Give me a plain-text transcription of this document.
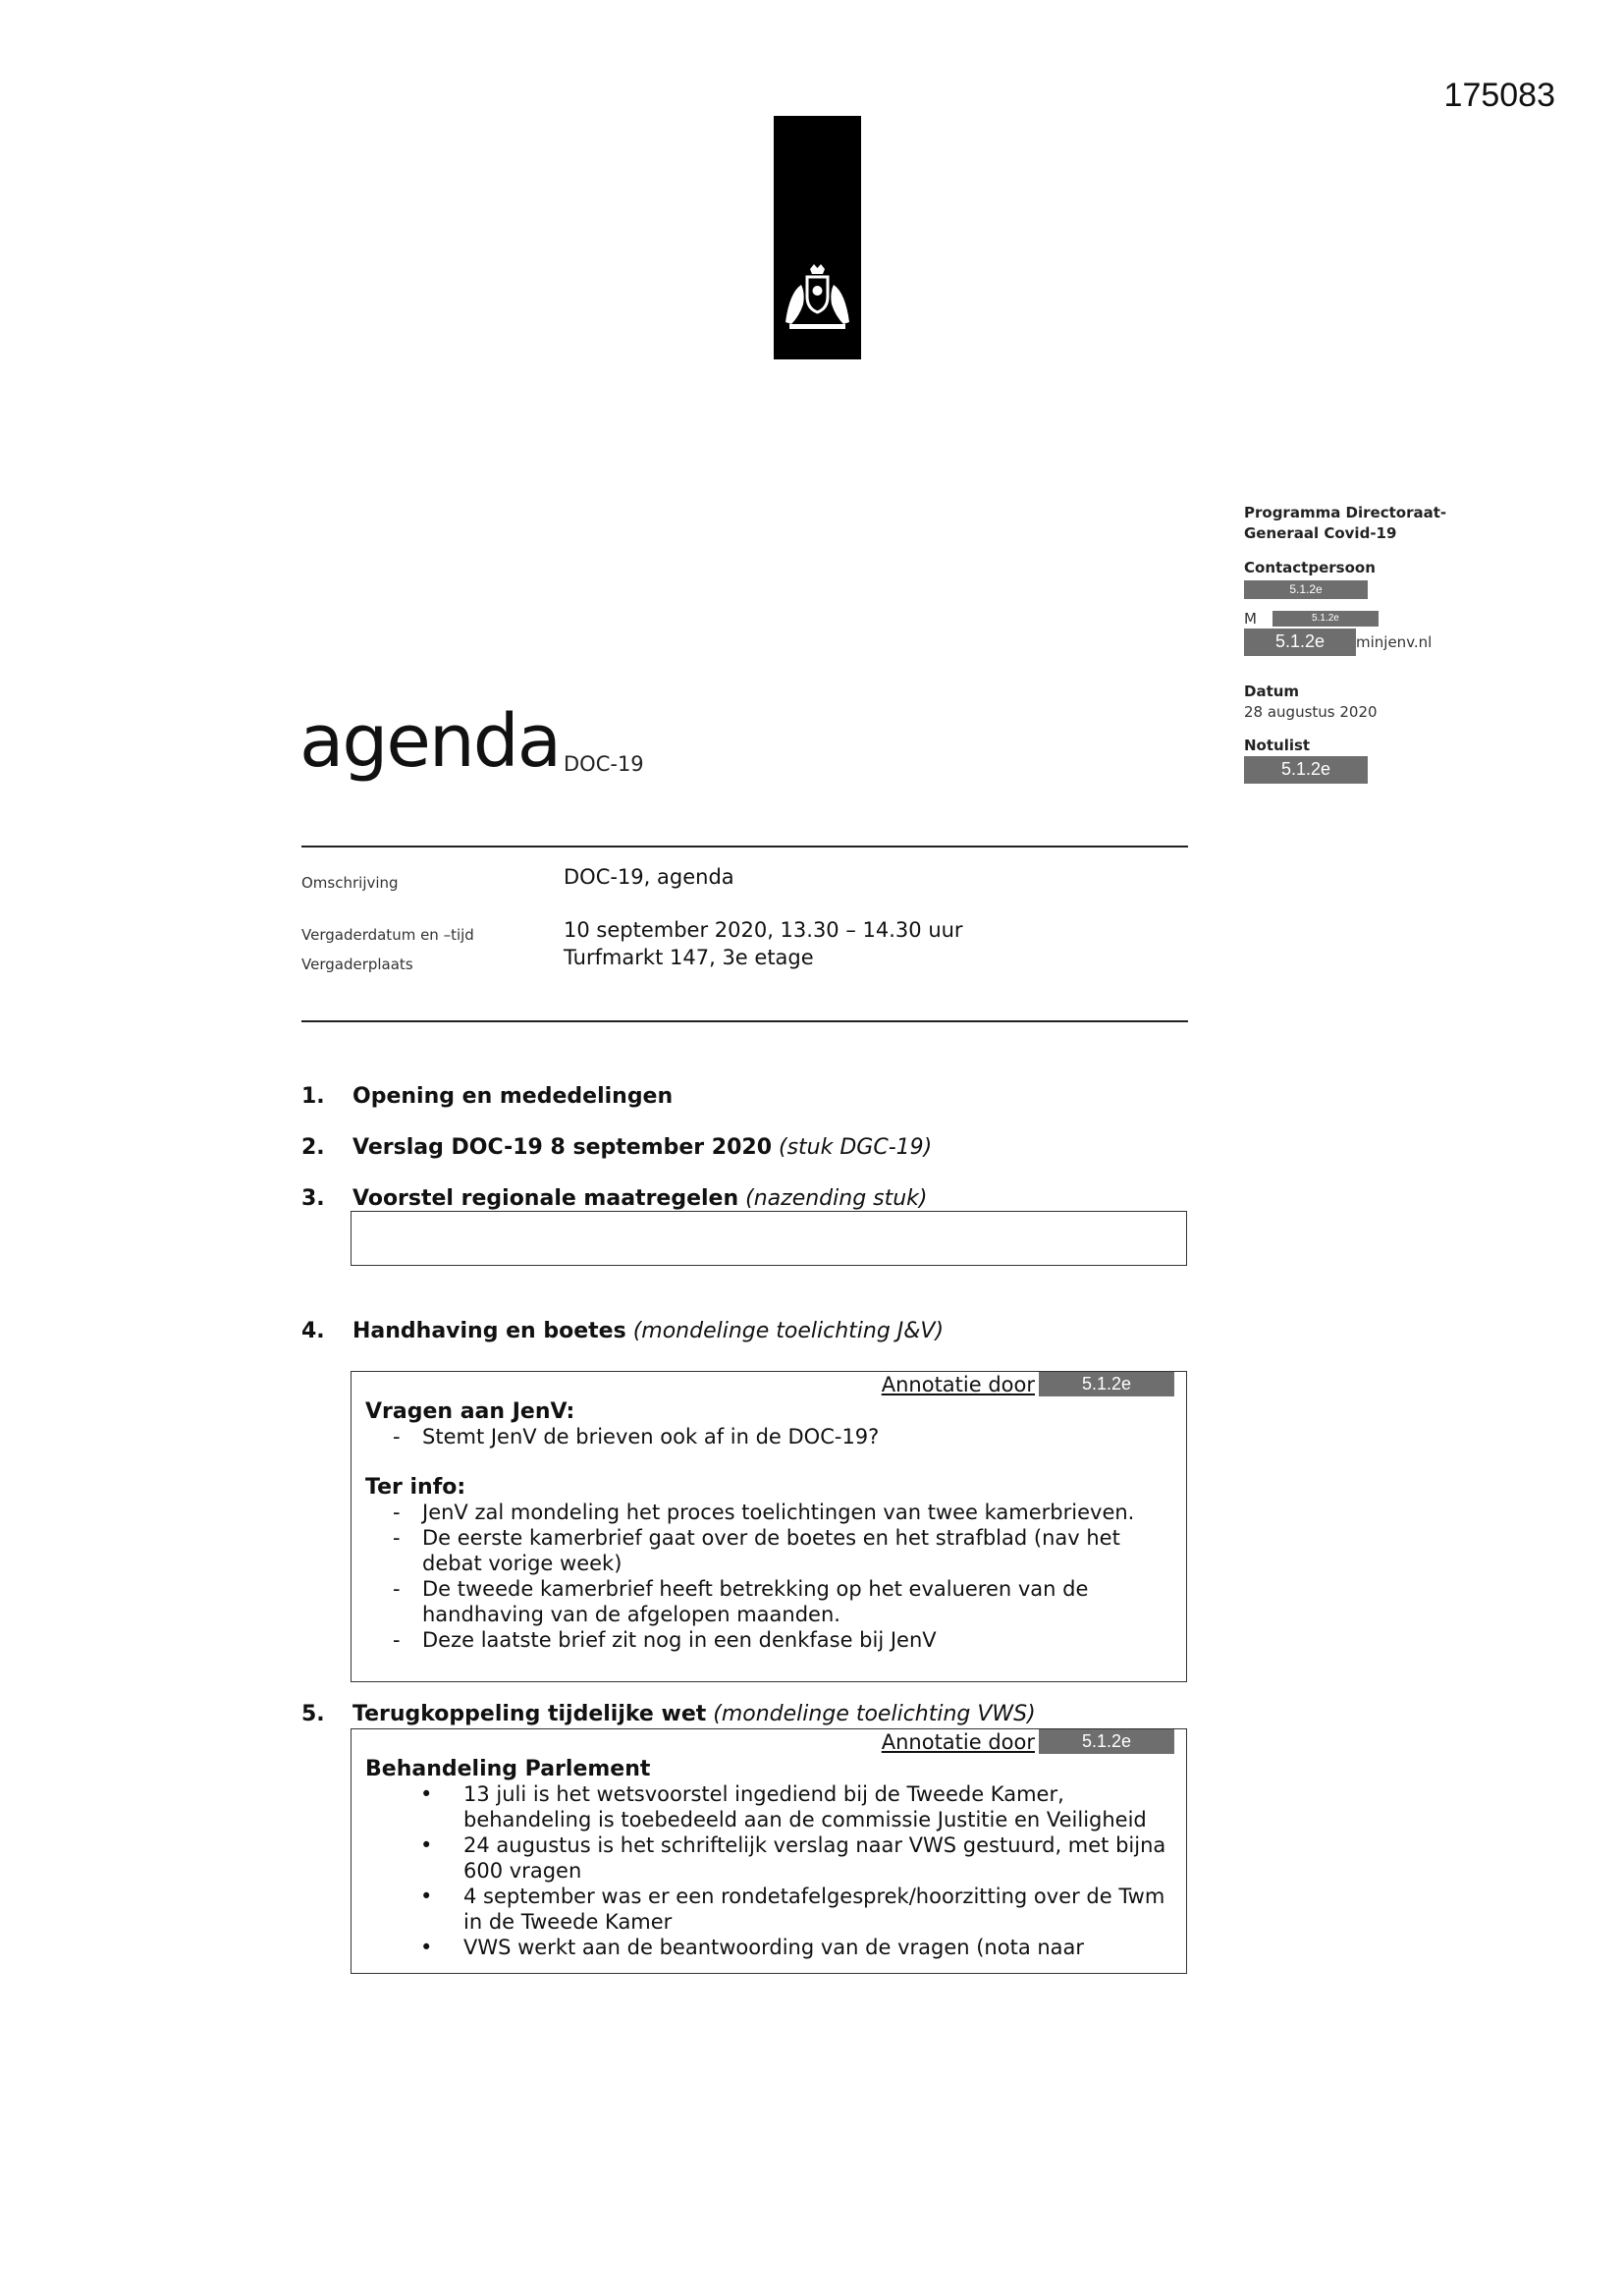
175083
Programma Directoraat-
Generaal Covid-19
Contactpersoon
5.1.2e
M	5.1.2e
5.1.2e	minjenv.nl
Datum
28 augustus 2020
Notulist
5.1.2e
agenda DOC-19
Omschrijving	DOC-19, agenda
Vergaderdatum en –tijd	10 september 2020, 13.30 – 14.30 uur
Vergaderplaats	Turfmarkt 147, 3e etage
1. Opening en mededelingen
2. Verslag DOC-19 8 september 2020 (stuk DGC-19)
3. Voorstel regionale maatregelen (nazending stuk)
4. Handhaving en boetes (mondelinge toelichting J&V)
Annotatie door	5.1.2e
Vragen aan JenV:
- Stemt JenV de brieven ook af in de DOC-19?
Ter info:
- JenV zal mondeling het proces toelichtingen van twee kamerbrieven.
- De eerste kamerbrief gaat over de boetes en het strafblad (nav het debat vorige week)
- De tweede kamerbrief heeft betrekking op het evalueren van de handhaving van de afgelopen maanden.
- Deze laatste brief zit nog in een denkfase bij JenV
5. Terugkoppeling tijdelijke wet (mondelinge toelichting VWS)
Annotatie door	5.1.2e
Behandeling Parlement
• 13 juli is het wetsvoorstel ingediend bij de Tweede Kamer, behandeling is toebedeeld aan de commissie Justitie en Veiligheid
• 24 augustus is het schriftelijk verslag naar VWS gestuurd, met bijna 600 vragen
• 4 september was er een rondetafelgesprek/hoorzitting over de Twm in de Tweede Kamer
• VWS werkt aan de beantwoording van de vragen (nota naar
